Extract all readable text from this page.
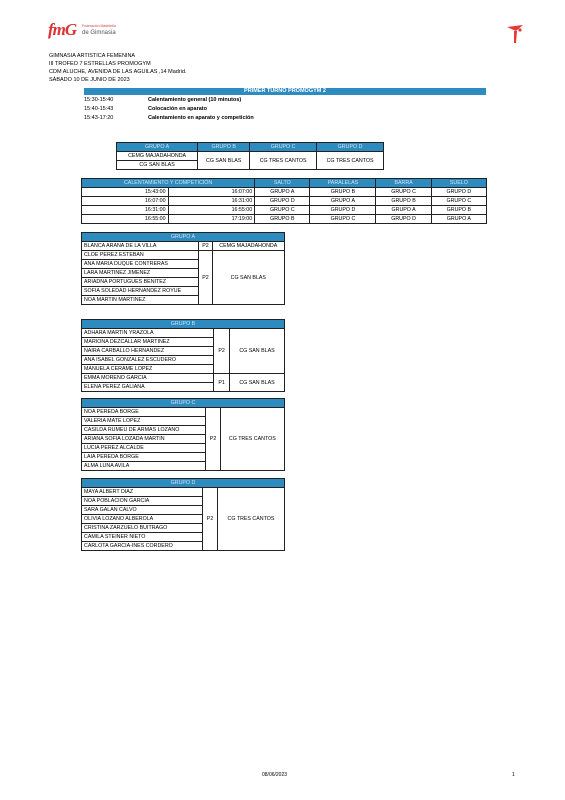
fmG Federación Madrileña
de Gimnasia
GIMNASIA ARTISTICA FEMENINA
III TROFEO 7 ESTRELLAS PROMOGYM
CDM ALUCHE, AVENIDA DE LAS AGUILAS ,14 Madrid.
SÁBADO 10 DE JUNIO DE 2023
PRIMER TURNO PROMOGYM 2
15:30-15:40	Calentamiento general (10 minutos)
15:40-15:43	Colocación en aparato
15:43-17:20	Calentamiento en aparato y competición
GRUPO A	GRUPO B	GRUPO C	GRUPO D
CEMG MAJADAHONDA	CG SAN BLAS	CG TRES CANTOS	CG TRES CANTOS
CG SAN BLAS			
CALENTAMIENTO Y COMPETICIÓN		SALTO	PARALELAS	BARRA	SUELO
15:43:00	16:07:00	GRUPO A	GRUPO B	GRUPO C	GRUPO D
16:07:00	16:31:00	GRUPO D	GRUPO A	GRUPO B	GRUPO C
16:31:00	16:55:00	GRUPO C	GRUPO D	GRUPO A	GRUPO B
16:55:00	17:19:00	GRUPO B	GRUPO C	GRUPO D	GRUPO A
GRUPO A		
BLANCA ARANA DE LA VILLA	P2	CEMG MAJADAHONDA
CLOE PEREZ ESTEBAN	P2	CG SAN BLAS
ANA MARIA DUQUE CONTRERAS		
LARA MARTINEZ JIMENEZ		
ARIADNA PORTUGUES BENITEZ		
SOFIA SOLEDAD HERNANDEZ ROYUE		
NOA MARTIN MARTINEZ		
GRUPO B		
ADHARA MARTIN YRAZOLA	P2	CG SAN BLAS
MARIONA DEZCALLAR MARTINEZ		
NAIRA CARBALLO HERNANDEZ		
ANA ISABEL GONZALEZ ESCUDERO		
MANUELA CERAME LOPEZ		
EMMA MORENO GARCIA	P1	CG SAN BLAS
ELENA PEREZ GALIANA		
GRUPO C
NOA PEREDA BORGE	P2	CG TRES CANTOS
VALERIA MATE LOPEZ
CASILDA RUMEU DE ARMAS LOZANO
ARIANA SOFIA LOZADA MARTIN
LUCIA PEREZ ALCALDE
LAIA PEREDA BORGE
ALMA LUNA AVILA
GRUPO D
MAYA ALBERT DIAZ	P2	CG TRES CANTOS
NOA POBLACION GARCIA
SARA GALAN CALVO
OLIVIA LOZANO ALBEROLA
CRISTINA ZARZUELO BUITRAGO
CAMILA STEINER NIETO
CARLOTA GARCIA-INES CORDERO
08/06/2023	1
